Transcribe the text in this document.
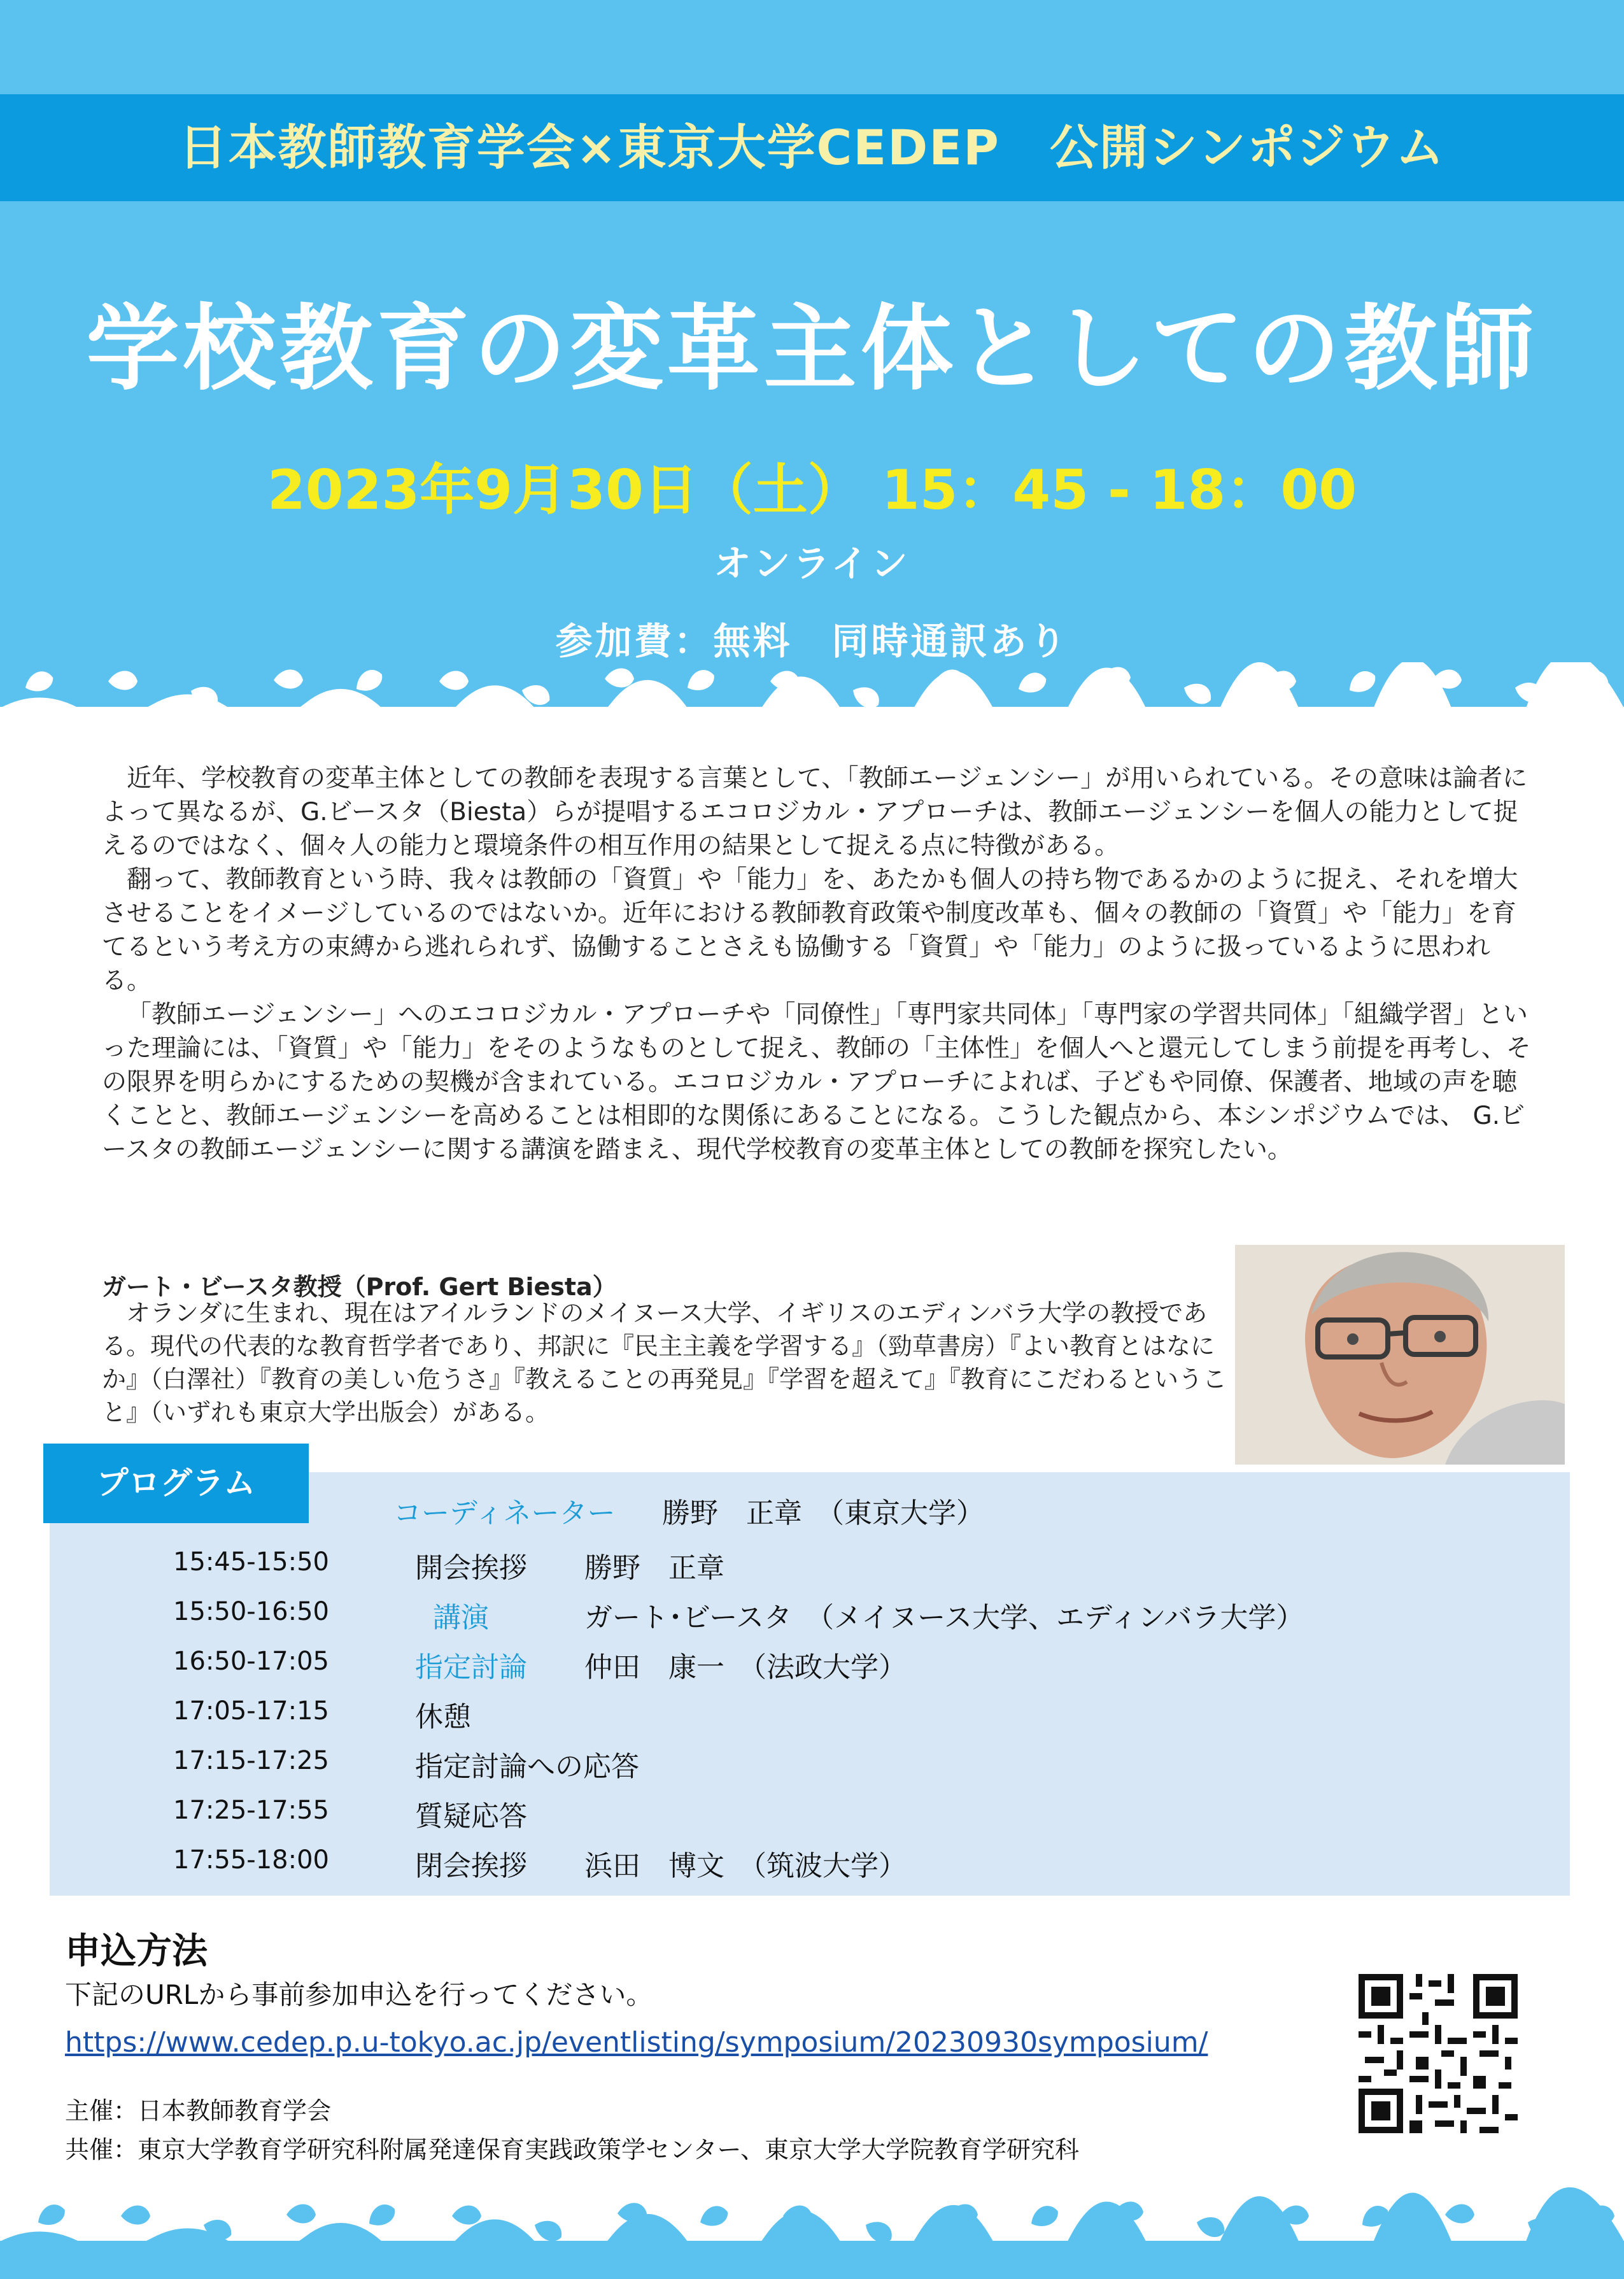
日本教師教育学会×東京大学CEDEP　公開シンポジウム
学校教育の変革主体としての教師
2023年9月30日（土） 15：45 - 18：00
オンライン
参加費：無料　同時通訳あり

近年、学校教育の変革主体としての教師を表現する言葉として、「教師エージェンシー」が用いられている。その意味は論者によって異なるが、G.ビースタ（Biesta）らが提唱するエコロジカル・アプローチは、教師エージェンシーを個人の能力として捉えるのではなく、個々人の能力と環境条件の相互作用の結果として捉える点に特徴がある。

翻って、教師教育という時、我々は教師の「資質」や「能力」を、あたかも個人の持ち物であるかのように捉え、それを増大させることをイメージしているのではないか。近年における教師教育政策や制度改革も、個々の教師の「資質」や「能力」を育てるという考え方の束縛から逃れられず、協働することさえも協働する「資質」や「能力」のように扱っているように思われる。

「教師エージェンシー」へのエコロジカル・アプローチや「同僚性」「専門家共同体」「専門家の学習共同体」「組織学習」といった理論には、「資質」や「能力」をそのようなものとして捉え、教師の「主体性」を個人へと還元してしまう前提を再考し、その限界を明らかにするための契機が含まれている。エコロジカル・アプローチによれば、子どもや同僚、保護者、地域の声を聴くことと、教師エージェンシーを高めることは相即的な関係にあることになる。こうした観点から、本シンポジウムでは、 G.ビースタの教師エージェンシーに関する講演を踏まえ、現代学校教育の変革主体としての教師を探究したい。

ガート・ビースタ教授（Prof. Gert Biesta）
オランダに生まれ、現在はアイルランドのメイヌース大学、イギリスのエディンバラ大学の教授である。現代の代表的な教育哲学者であり、邦訳に『民主主義を学習する』（勁草書房）『よい教育とはなにか』（白澤社）『教育の美しい危うさ』『教えることの再発見』『学習を超えて』『教育にこだわるということ』（いずれも東京大学出版会）がある。
プログラム
コーディネーター 勝野　正章　（東京大学）
15:45-15:50	開会挨拶 勝野　正章
15:50-16:50	講演	ガート･ビースタ　（メイヌース大学、エディンバラ大学）
16:50-17:05	指定討論 仲田　康一　（法政大学）
17:05-17:15	休憩
17:15-17:25	指定討論への応答
17:25-17:55	質疑応答
17:55-18:00	閉会挨拶 浜田　博文　（筑波大学）
申込方法
下記のURLから事前参加申込を行ってください。
https://www.cedep.p.u-tokyo.ac.jp/eventlisting/symposium/20230930symposium/
主催：日本教師教育学会
共催：東京大学教育学研究科附属発達保育実践政策学センター、東京大学大学院教育学研究科
